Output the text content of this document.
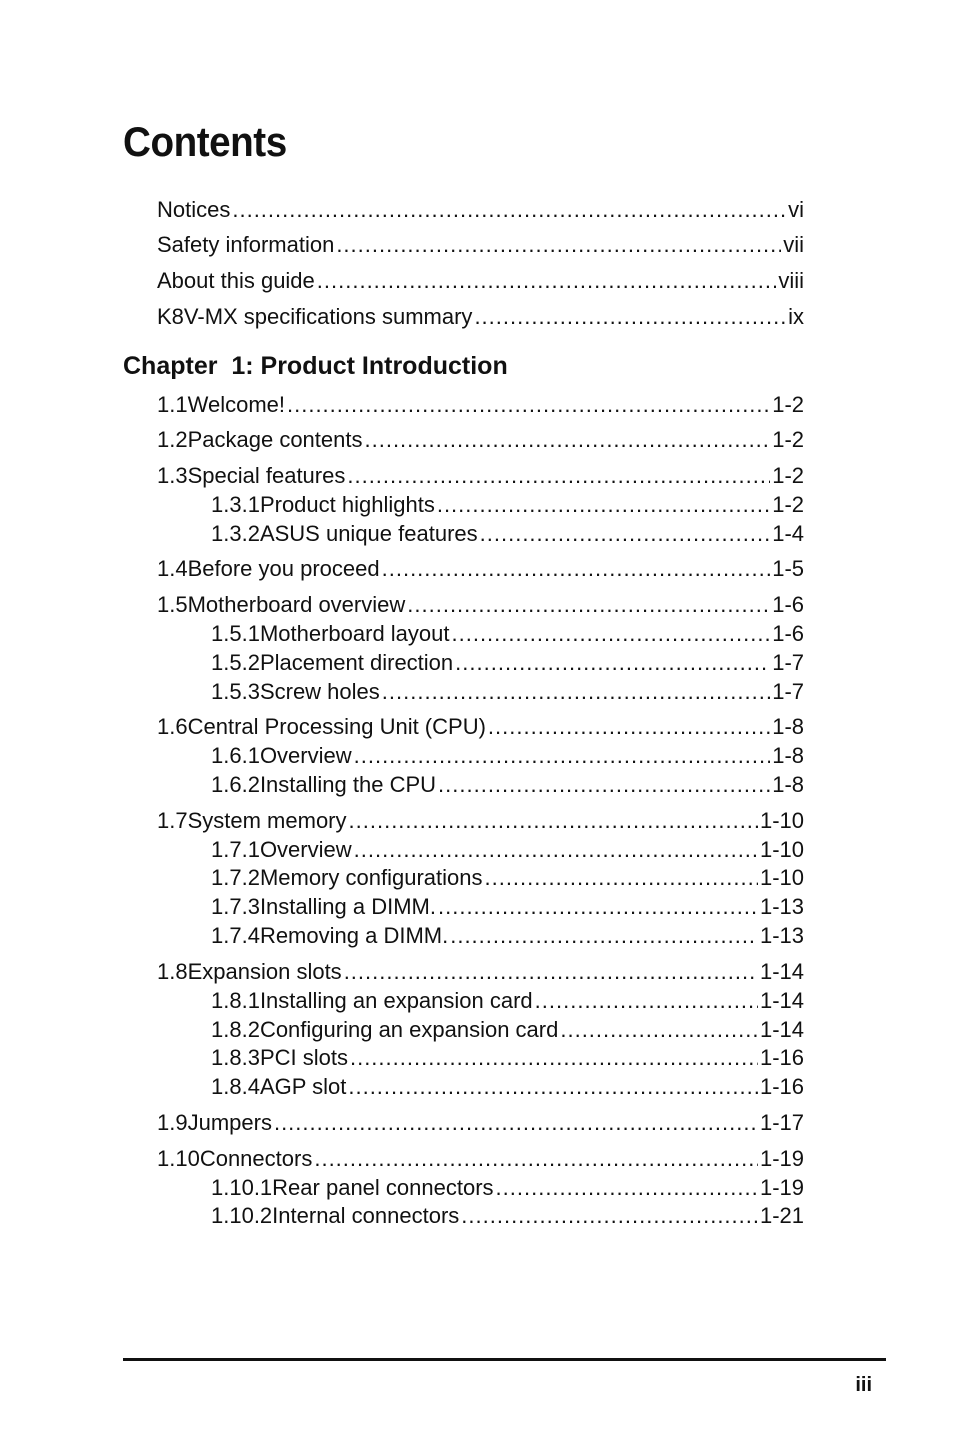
Contents
Notices .....	vi
Safety information .....	vii
About this guide .....	viii
K8V-MX specifications summary .....	ix
Chapter  1: Product Introduction
1.1 Welcome! .....	1-2
1.2 Package contents .....	1-2
1.3 Special features .....	1-2
1.3.1 Product highlights .....	1-2
1.3.2 ASUS unique features .....	1-4
1.4 Before you proceed .....	1-5
1.5 Motherboard overview .....	1-6
1.5.1 Motherboard layout .....	1-6
1.5.2 Placement direction .....	1-7
1.5.3 Screw holes .....	1-7
1.6 Central Processing Unit (CPU) .....	1-8
1.6.1 Overview .....	1-8
1.6.2 Installing the CPU .....	1-8
1.7 System memory .....	1-10
1.7.1 Overview .....	1-10
1.7.2 Memory configurations .....	1-10
1.7.3 Installing a DIMM. .....	1-13
1.7.4 Removing a DIMM. .....	1-13
1.8 Expansion slots .....	1-14
1.8.1 Installing an expansion card .....	1-14
1.8.2 Configuring an expansion card .....	1-14
1.8.3 PCI slots .....	1-16
1.8.4 AGP slot .....	1-16
1.9 Jumpers .....	1-17
1.10 Connectors .....	1-19
1.10.1 Rear panel connectors .....	1-19
1.10.2 Internal connectors .....	1-21
iii
